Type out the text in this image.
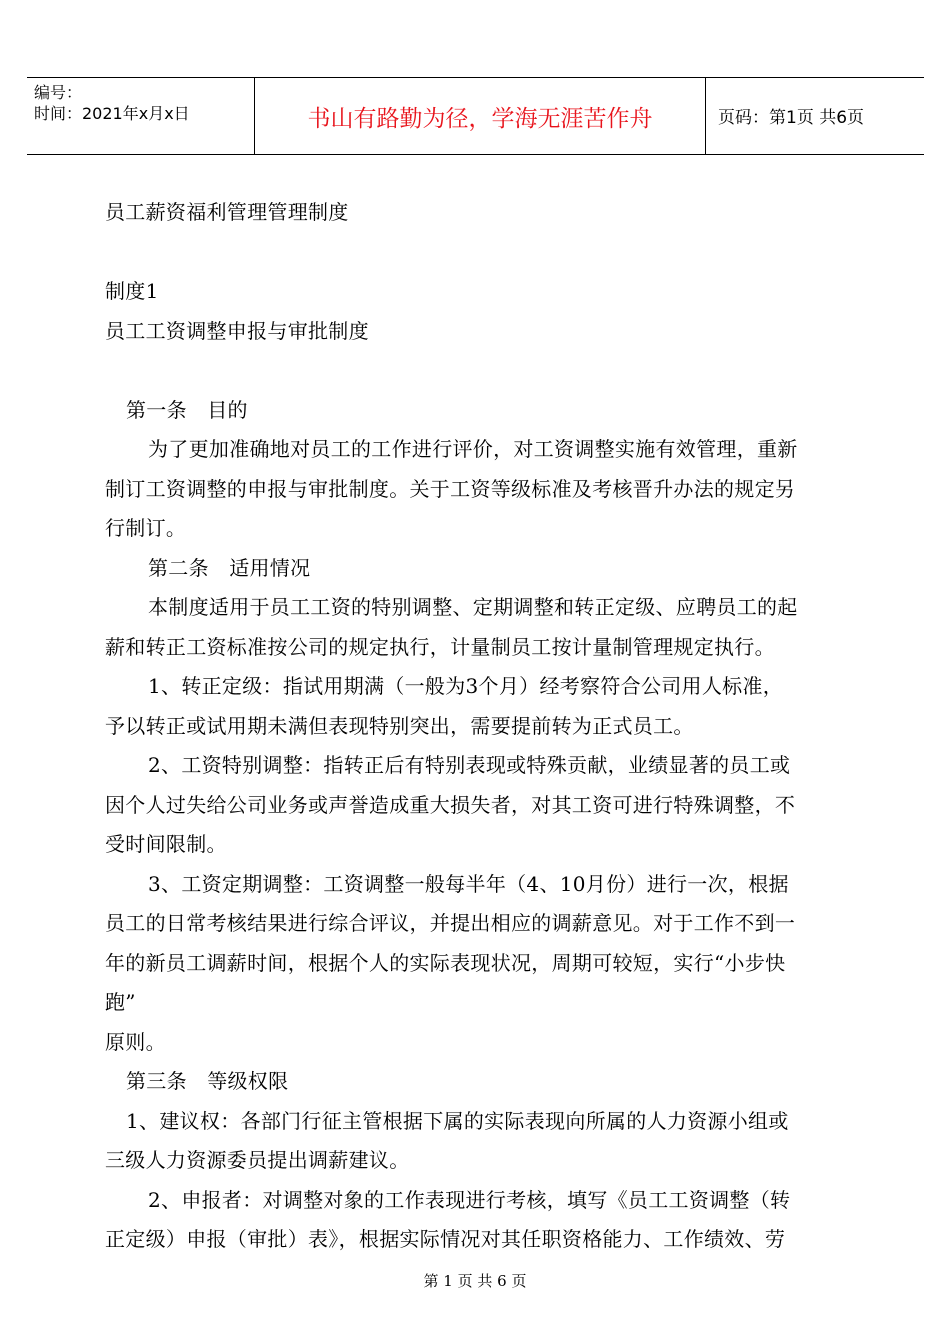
编号：
时间：2021年x月x日	书山有路勤为径，学海无涯苦作舟	页码：第1页 共6页
员工薪资福利管理管理制度
制度1
员工工资调整申报与审批制度
第一条　目的
为了更加准确地对员工的工作进行评价，对工资调整实施有效管理，重新
制订工资调整的申报与审批制度。关于工资等级标准及考核晋升办法的规定另
行制订。
第二条　适用情况
本制度适用于员工工资的特别调整、定期调整和转正定级、应聘员工的起
薪和转正工资标准按公司的规定执行，计量制员工按计量制管理规定执行。
1、转正定级：指试用期满（一般为3个月）经考察符合公司用人标准，
予以转正或试用期未满但表现特别突出，需要提前转为正式员工。
2、工资特别调整：指转正后有特别表现或特殊贡献，业绩显著的员工或
因个人过失给公司业务或声誉造成重大损失者，对其工资可进行特殊调整，不
受时间限制。
3、工资定期调整：工资调整一般每半年（4、10月份）进行一次，根据
员工的日常考核结果进行综合评议，并提出相应的调薪意见。对于工作不到一
年的新员工调薪时间，根据个人的实际表现状况，周期可较短，实行“小步快
跑”
原则。
第三条　等级权限
1、建议权：各部门行征主管根据下属的实际表现向所属的人力资源小组或
三级人力资源委员提出调薪建议。
2、申报者：对调整对象的工作表现进行考核，填写《员工工资调整（转
正定级）申报（审批）表》，根据实际情况对其任职资格能力、工作绩效、劳
第 1 页 共 6 页
